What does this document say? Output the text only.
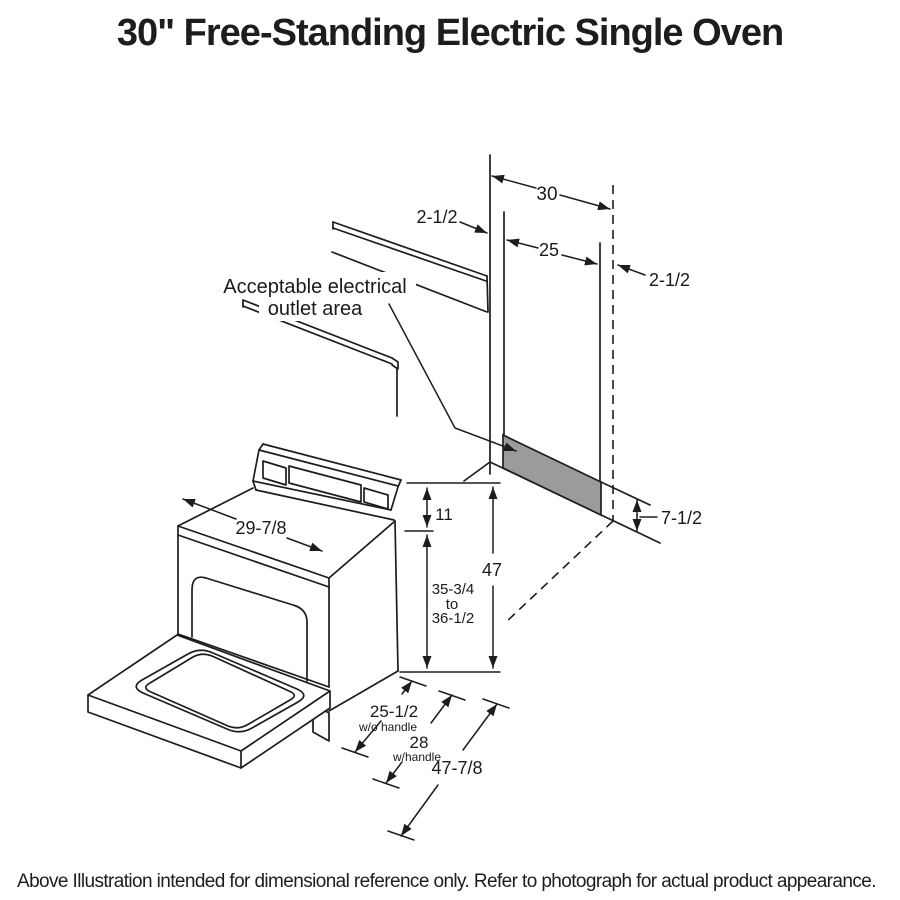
30" Free-Standing Electric Single Oven
Acceptable electrical
outlet area
29-7/8
11
35-3/4
to
36-1/2
47
25-1/2
w/o handle
28
w/handle
47-7/8
30
25
2-1/2
2-1/2
7-1/2
Above Illustration intended for dimensional reference only. Refer to photograph for actual product appearance.
